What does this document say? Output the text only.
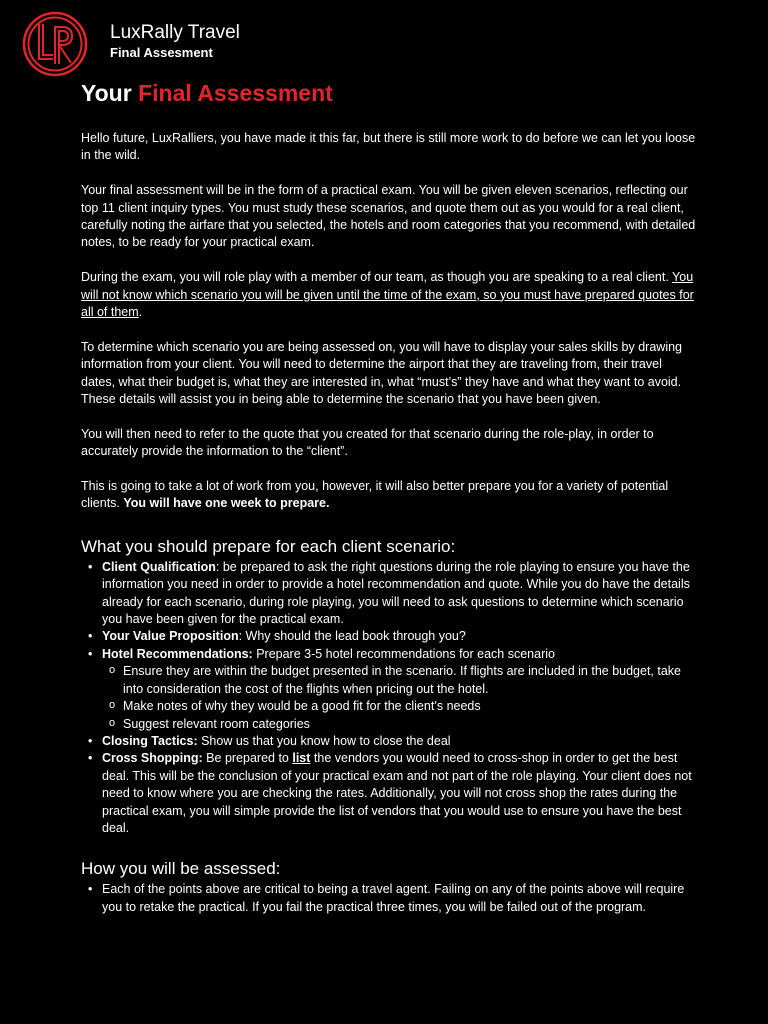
LuxRally Travel
Final Assesment
Your Final Assessment

Hello future, LuxRalliers, you have made it this far, but there is still more work to do before we can let you loose in the wild.

Your final assessment will be in the form of a practical exam. You will be given eleven scenarios, reflecting our top 11 client inquiry types. You must study these scenarios, and quote them out as you would for a real client, carefully noting the airfare that you selected, the hotels and room categories that you recommend, with detailed notes, to be ready for your practical exam.

During the exam, you will role play with a member of our team, as though you are speaking to a real client. You will not know which scenario you will be given until the time of the exam, so you must have prepared quotes for all of them.

To determine which scenario you are being assessed on, you will have to display your sales skills by drawing information from your client. You will need to determine the airport that they are traveling from, their travel dates, what their budget is, what they are interested in, what “must’s” they have and what they want to avoid. These details will assist you in being able to determine the scenario that you have been given.

You will then need to refer to the quote that you created for that scenario during the role-play, in order to accurately provide the information to the “client”.

This is going to take a lot of work from you, however, it will also better prepare you for a variety of potential clients. You will have one week to prepare.

What you should prepare for each client scenario:
• Client Qualification: be prepared to ask the right questions during the role playing to ensure you have the information you need in order to provide a hotel recommendation and quote. While you do have the details already for each scenario, during role playing, you will need to ask questions to determine which scenario you have been given for the practical exam.
• Your Value Proposition: Why should the lead book through you?
• Hotel Recommendations: Prepare 3-5 hotel recommendations for each scenario
o Ensure they are within the budget presented in the scenario. If flights are included in the budget, take into consideration the cost of the flights when pricing out the hotel.
o Make notes of why they would be a good fit for the client’s needs
o Suggest relevant room categories
• Closing Tactics: Show us that you know how to close the deal
• Cross Shopping: Be prepared to list the vendors you would need to cross-shop in order to get the best deal. This will be the conclusion of your practical exam and not part of the role playing. Your client does not need to know where you are checking the rates. Additionally, you will not cross shop the rates during the practical exam, you will simple provide the list of vendors that you would use to ensure you have the best deal.
How you will be assessed:
• Each of the points above are critical to being a travel agent. Failing on any of the points above will require you to retake the practical. If you fail the practical three times, you will be failed out of the program.
